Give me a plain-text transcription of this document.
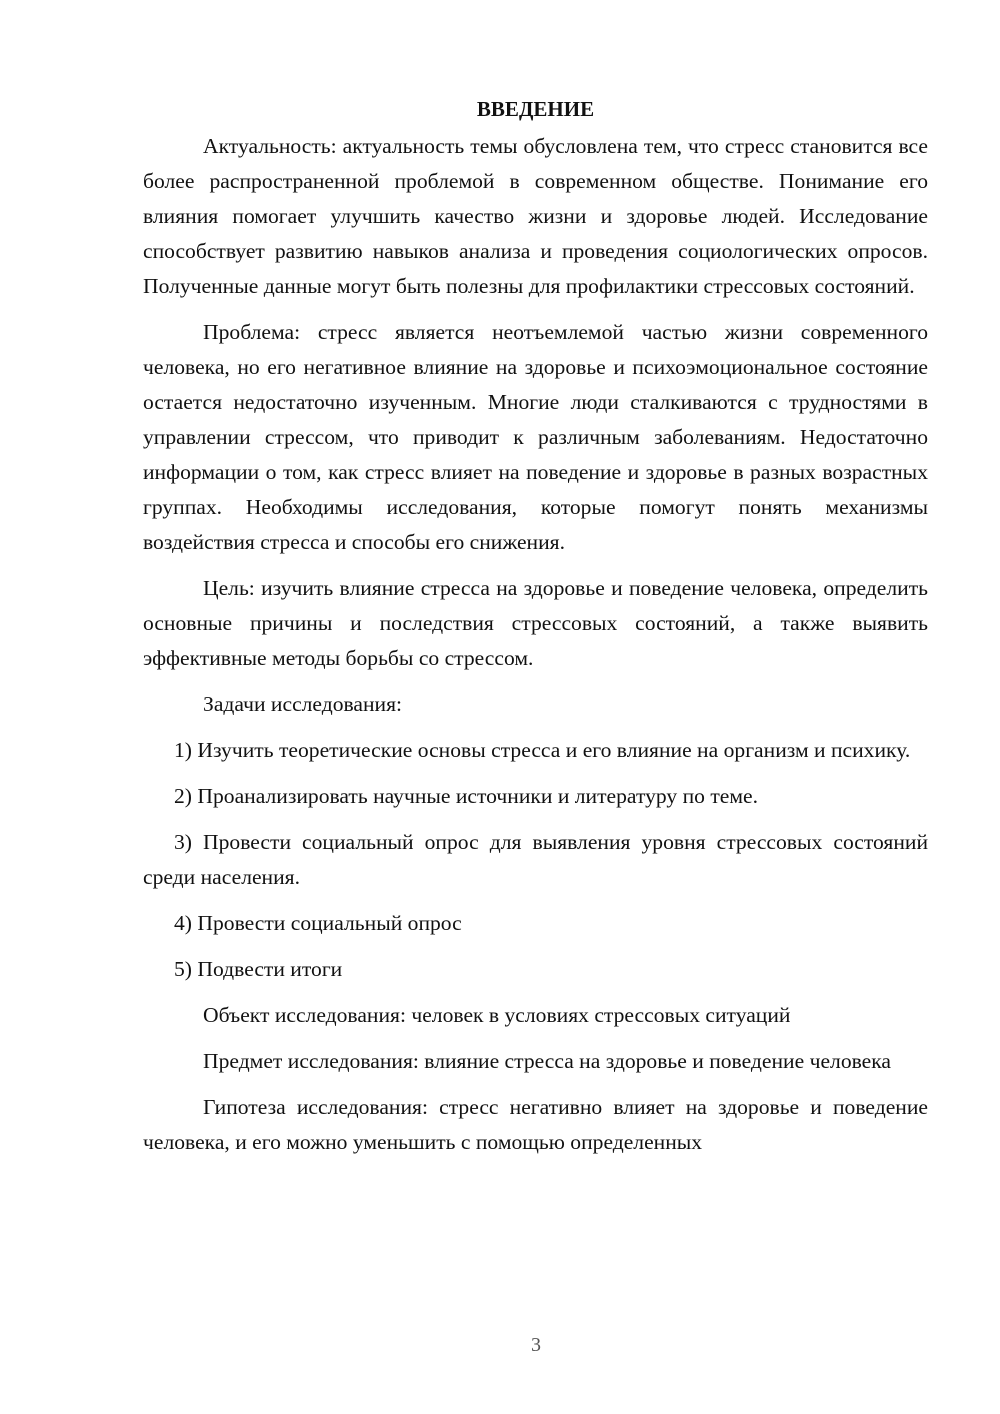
ВВЕДЕНИЕ

Актуальность: актуальность темы обусловлена тем, что стресс становится все более распространенной проблемой в современном обществе. Понимание его влияния помогает улучшить качество жизни и здоровье людей. Исследование способствует развитию навыков анализа и проведения социологических опросов. Полученные данные могут быть полезны для профилактики стрессовых состояний.

Проблема: стресс является неотъемлемой частью жизни современного человека, но его негативное влияние на здоровье и психоэмоциональное состояние остается недостаточно изученным. Многие люди сталкиваются с трудностями в управлении стрессом, что приводит к различным заболеваниям. Недостаточно информации о том, как стресс влияет на поведение и здоровье в разных возрастных группах. Необходимы исследования, которые помогут понять механизмы воздействия стресса и способы его снижения.

Цель: изучить влияние стресса на здоровье и поведение человека, определить основные причины и последствия стрессовых состояний, а также выявить эффективные методы борьбы со стрессом.

Задачи исследования:

1) Изучить теоретические основы стресса и его влияние на организм и психику.

2) Проанализировать научные источники и литературу по теме.

3) Провести социальный опрос для выявления уровня стрессовых состояний среди населения.

4) Провести социальный опрос

5) Подвести итоги

Объект исследования: человек в условиях стрессовых ситуаций

Предмет исследования: влияние стресса на здоровье и поведение человека

Гипотеза исследования: стресс негативно влияет на здоровье и поведение человека, и его можно уменьшить с помощью определенных

3
